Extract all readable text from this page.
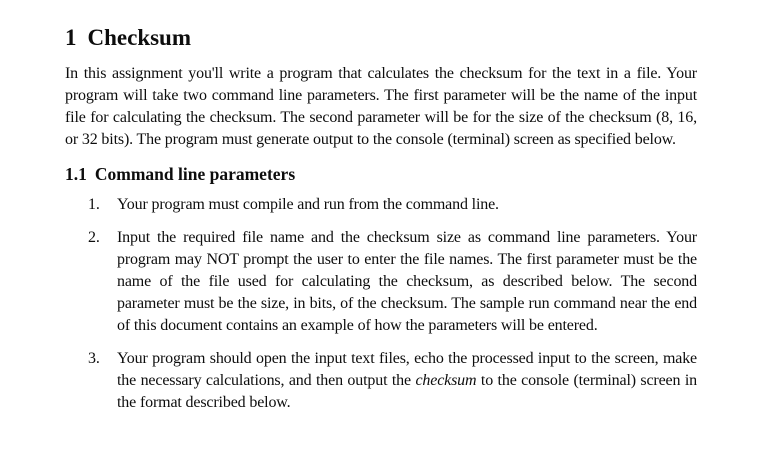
1 Checksum

In this assignment you'll write a program that calculates the checksum for the text in a file. Your program will take two command line parameters. The first parameter will be the name of the input file for calculating the checksum. The second parameter will be for the size of the checksum (8, 16, or 32 bits). The program must generate output to the console (terminal) screen as specified below.

1.1 Command line parameters
1.	Your program must compile and run from the command line.
2.	Input the required file name and the checksum size as command line parameters. Your program may NOT prompt the user to enter the file names. The first parameter must be the name of the file used for calculating the checksum, as described below. The second parameter must be the size, in bits, of the checksum. The sample run command near the end of this document contains an example of how the parameters will be entered.
3.	Your program should open the input text files, echo the processed input to the screen, make the necessary calculations, and then output the checksum to the console (terminal) screen in the format described below.
